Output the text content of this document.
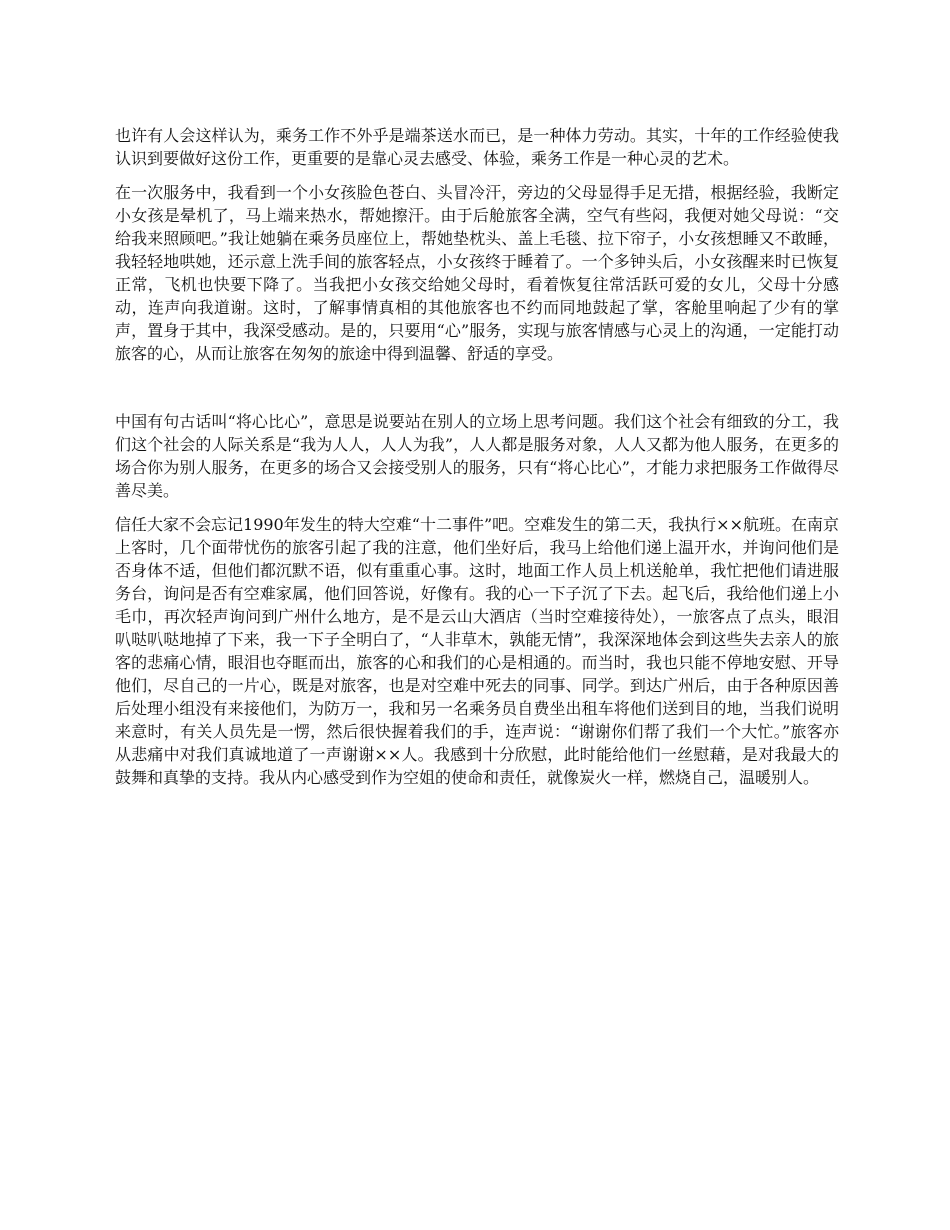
也许有人会这样认为，乘务工作不外乎是端茶送水而已，是一种体力劳动。其实，十年的工作经验使我认识到要做好这份工作，更重要的是靠心灵去感受、体验，乘务工作是一种心灵的艺术。

在一次服务中，我看到一个小女孩脸色苍白、头冒冷汗，旁边的父母显得手足无措，根据经验，我断定小女孩是晕机了，马上端来热水，帮她擦汗。由于后舱旅客全满，空气有些闷，我便对她父母说：“交给我来照顾吧。”我让她躺在乘务员座位上，帮她垫枕头、盖上毛毯、拉下帘子，小女孩想睡又不敢睡，我轻轻地哄她，还示意上洗手间的旅客轻点，小女孩终于睡着了。一个多钟头后，小女孩醒来时已恢复正常，飞机也快要下降了。当我把小女孩交给她父母时，看着恢复往常活跃可爱的女儿，父母十分感动，连声向我道谢。这时，了解事情真相的其他旅客也不约而同地鼓起了掌，客舱里响起了少有的掌声，置身于其中，我深受感动。是的，只要用“心”服务，实现与旅客情感与心灵上的沟通，一定能打动旅客的心，从而让旅客在匆匆的旅途中得到温馨、舒适的享受。

中国有句古话叫“将心比心”，意思是说要站在别人的立场上思考问题。我们这个社会有细致的分工，我们这个社会的人际关系是“我为人人，人人为我”，人人都是服务对象，人人又都为他人服务，在更多的场合你为别人服务，在更多的场合又会接受别人的服务，只有“将心比心”，才能力求把服务工作做得尽善尽美。

信任大家不会忘记1990年发生的特大空难“十二事件”吧。空难发生的第二天，我执行××航班。在南京上客时，几个面带忧伤的旅客引起了我的注意，他们坐好后，我马上给他们递上温开水，并询问他们是否身体不适，但他们都沉默不语，似有重重心事。这时，地面工作人员上机送舱单，我忙把他们请进服务台，询问是否有空难家属，他们回答说，好像有。我的心一下子沉了下去。起飞后，我给他们递上小毛巾，再次轻声询问到广州什么地方，是不是云山大酒店（当时空难接待处），一旅客点了点头，眼泪叭哒叭哒地掉了下来，我一下子全明白了，“人非草木，孰能无情”，我深深地体会到这些失去亲人的旅客的悲痛心情，眼泪也夺眶而出，旅客的心和我们的心是相通的。而当时，我也只能不停地安慰、开导他们，尽自己的一片心，既是对旅客，也是对空难中死去的同事、同学。到达广州后，由于各种原因善后处理小组没有来接他们，为防万一，我和另一名乘务员自费坐出租车将他们送到目的地，当我们说明来意时，有关人员先是一愣，然后很快握着我们的手，连声说：“谢谢你们帮了我们一个大忙。”旅客亦从悲痛中对我们真诚地道了一声谢谢××人。我感到十分欣慰，此时能给他们一丝慰藉，是对我最大的鼓舞和真挚的支持。我从内心感受到作为空姐的使命和责任，就像炭火一样，燃烧自己，温暖别人。
